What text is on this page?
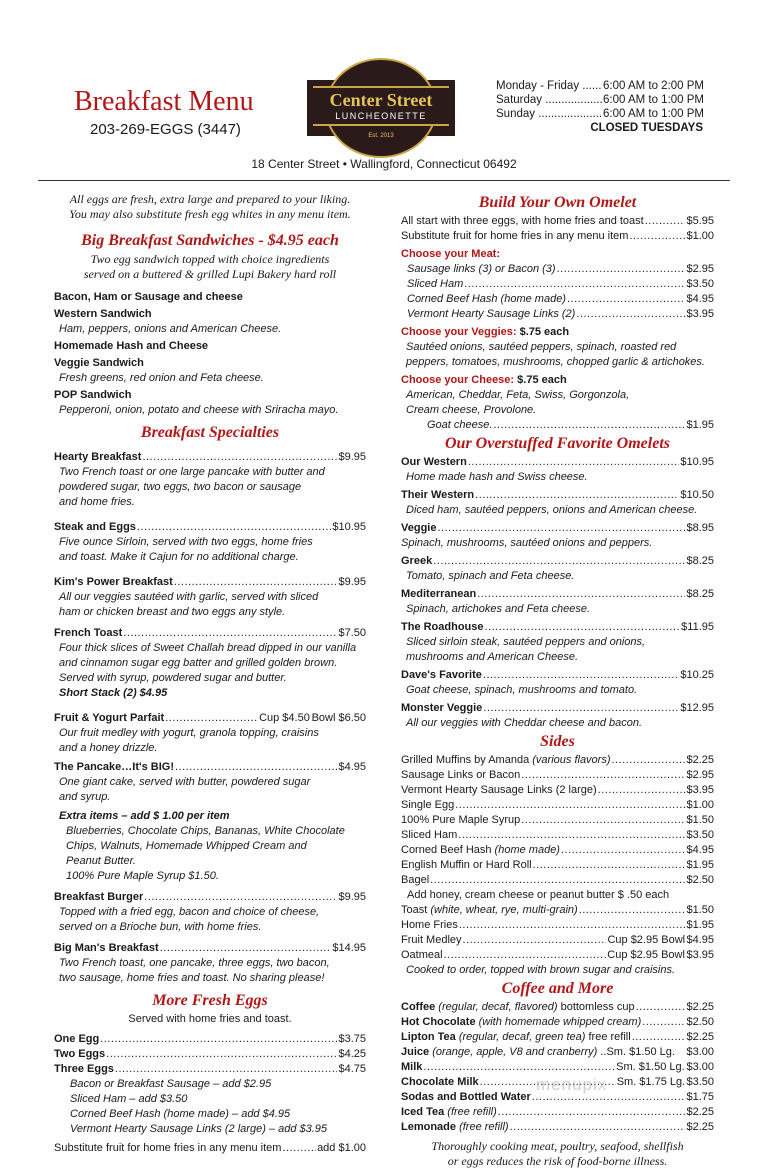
Breakfast Menu
203-269-EGGS (3447)
Center Street
LUNCHEONETTE
Est. 2013
Monday - Friday ...... 6:00 AM to 2:00 PM
Saturday .................. 6:00 AM to 1:00 PM
Sunday .................... 6:00 AM to 1:00 PM
CLOSED TUESDAYS
18 Center Street • Wallingford, Connecticut 06492
All eggs are fresh, extra large and prepared to your liking.
You may also substitute fresh egg whites in any menu item.
Big Breakfast Sandwiches - $4.95 each
Two egg sandwich topped with choice ingredients
served on a buttered & grilled Lupi Bakery hard roll
Bacon, Ham or Sausage and cheese
Western Sandwich
Ham, peppers, onions and American Cheese.
Homemade Hash and Cheese
Veggie Sandwich
Fresh greens, red onion and Feta cheese.
POP Sandwich
Pepperoni, onion, potato and cheese with Sriracha mayo.
Breakfast Specialties
Hearty Breakfast .....	$9.95
Two French toast or one large pancake with butter and
powdered sugar, two eggs, two bacon or sausage
and home fries.
Steak and Eggs .....	$10.95
Five ounce Sirloin, served with two eggs, home fries
and toast. Make it Cajun for no additional charge.
Kim's Power Breakfast .....	$9.95
All our veggies sautéed with garlic, served with sliced
ham or chicken breast and two eggs any style.
French Toast .....	$7.50
Four thick slices of Sweet Challah bread dipped in our vanilla
and cinnamon sugar egg batter and grilled golden brown.
Served with syrup, powdered sugar and butter.
Short Stack (2) $4.95
Fruit & Yogurt Parfait .....	Cup $4.50 Bowl $6.50
Our fruit medley with yogurt, granola topping, craisins
and a honey drizzle.
The Pancake…It's BIG! .....	$4.95
One giant cake, served with butter, powdered sugar
and syrup.
Extra items – add $ 1.00 per item
Blueberries, Chocolate Chips, Bananas, White Chocolate
Chips, Walnuts, Homemade Whipped Cream and
Peanut Butter.
100% Pure Maple Syrup $1.50.
Breakfast Burger .....	$9.95
Topped with a fried egg, bacon and choice of cheese,
served on a Brioche bun, with home fries.
Big Man's Breakfast .....	$14.95
Two French toast, one pancake, three eggs, two bacon,
two sausage, home fries and toast. No sharing please!
More Fresh Eggs
Served with home fries and toast.
One Egg .....	$3.75
Two Eggs .....	$4.25
Three Eggs .....	$4.75
Bacon or Breakfast Sausage – add $2.95
Sliced Ham – add $3.50
Corned Beef Hash (home made) – add $4.95
Vermont Hearty Sausage Links (2 large) – add $3.95
Substitute fruit for home fries in any menu item .....	add $1.00
Build Your Own Omelet
All start with three eggs, with home fries and toast .....	$5.95
Substitute fruit for home fries in any menu item .....	$1.00
Choose your Meat:
Sausage links (3) or Bacon (3) .....	$2.95
Sliced Ham .....	$3.50
Corned Beef Hash (home made) .....	$4.95
Vermont Hearty Sausage Links (2) .....	$3.95
Choose your Veggies: $.75 each
Sautéed onions, sautéed peppers, spinach, roasted red
peppers, tomatoes, mushrooms, chopped garlic & artichokes.
Choose your Cheese: $.75 each
American, Cheddar, Feta, Swiss, Gorgonzola,
Cream cheese, Provolone.
Goat cheese. .....	$1.95
Our Overstuffed Favorite Omelets
Our Western .....	$10.95
Home made hash and Swiss cheese.
Their Western .....	$10.50
Diced ham, sautéed peppers, onions and American cheese.
Veggie .....	$8.95
Spinach, mushrooms, sautéed onions and peppers.
Greek .....	$8.25
Tomato, spinach and Feta cheese.
Mediterranean .....	$8.25
Spinach, artichokes and Feta cheese.
The Roadhouse .....	$11.95
Sliced sirloin steak, sautéed peppers and onions,
mushrooms and American Cheese.
Dave's Favorite .....	$10.25
Goat cheese, spinach, mushrooms and tomato.
Monster Veggie .....	$12.95
All our veggies with Cheddar cheese and bacon.
Sides
Grilled Muffins by Amanda (various flavors) .....	$2.25
Sausage Links or Bacon .....	$2.95
Vermont Hearty Sausage Links (2 large) .....	$3.95
Single Egg .....	$1.00
100% Pure Maple Syrup .....	$1.50
Sliced Ham .....	$3.50
Corned Beef Hash (home made) .....	$4.95
English Muffin or Hard Roll .....	$1.95
Bagel .....	$2.50
Add honey, cream cheese or peanut butter $ .50 each
Toast (white, wheat, rye, multi-grain) .....	$1.50
Home Fries .....	$1.95
Fruit Medley .....	Cup $2.95 Bowl $4.95
Oatmeal .....	Cup $2.95 Bowl $3.95
Cooked to order, topped with brown sugar and craisins.
Coffee and More
Coffee (regular, decaf, flavored) bottomless cup .....	$2.25
Hot Chocolate (with homemade whipped cream) .....	$2.50
Lipton Tea (regular, decaf, green tea) free refill .....	$2.25
Juice (orange, apple, V8 and cranberry) ..Sm. $1.50 Lg. $3.00
Milk .....	Sm. $1.50 Lg. $3.00
Chocolate Milk .....	Sm. $1.75 Lg. $3.50
Sodas and Bottled Water .....	$1.75
Iced Tea (free refill) .....	$2.25
Lemonade (free refill) .....	$2.25
Thoroughly cooking meat, poultry, seafood, shellfish
or eggs reduces the risk of food-borne illness.
menupix
